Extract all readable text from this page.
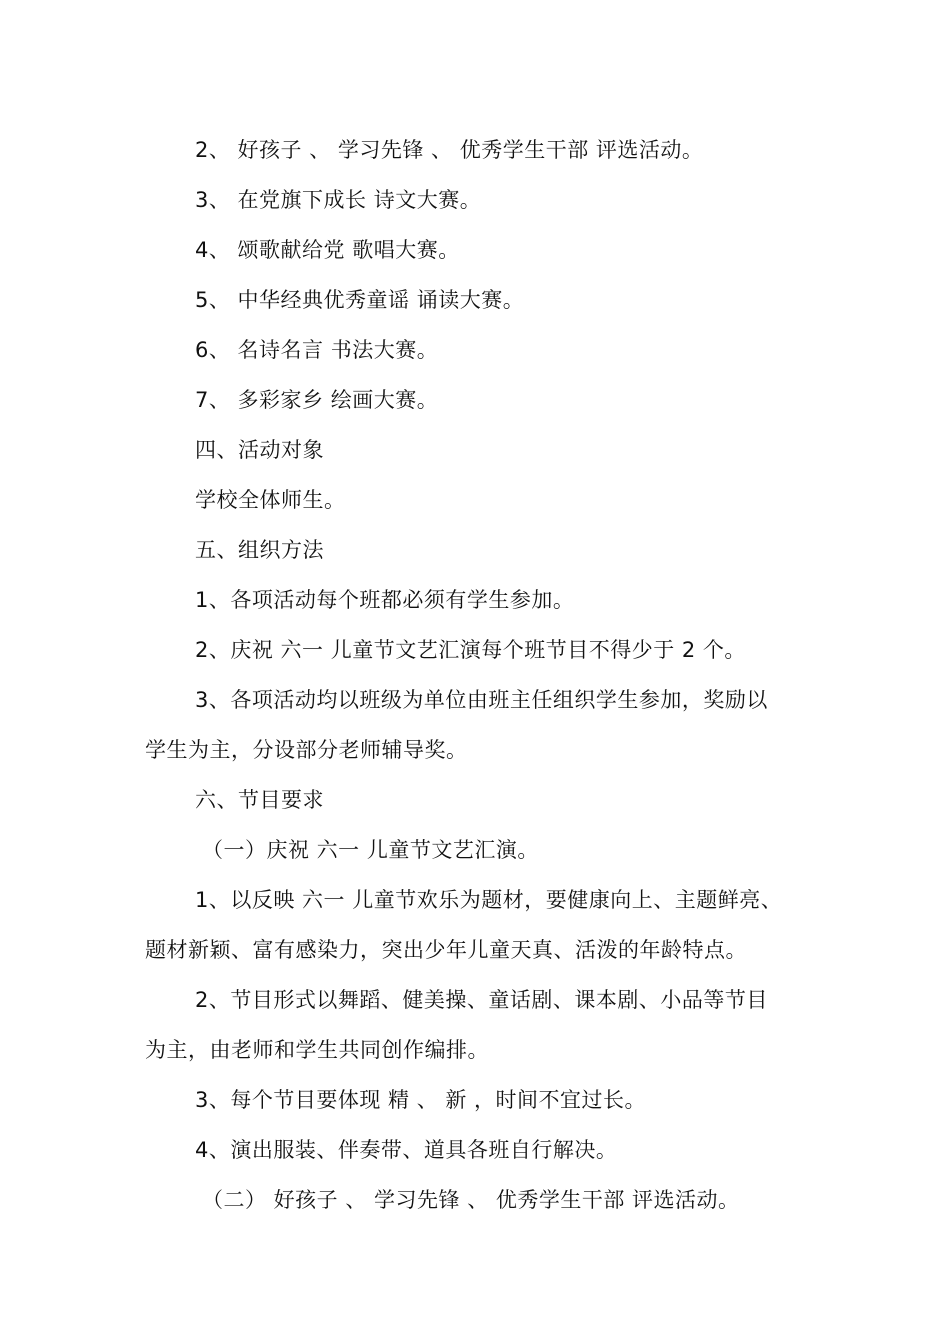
2、 好孩子 、 学习先锋 、 优秀学生干部 评选活动。
3、 在党旗下成长 诗文大赛。
4、 颂歌献给党 歌唱大赛。
5、 中华经典优秀童谣 诵读大赛。
6、 名诗名言 书法大赛。
7、 多彩家乡 绘画大赛。
四、活动对象
学校全体师生。
五、组织方法
1、各项活动每个班都必须有学生参加。
2、庆祝 六一 儿童节文艺汇演每个班节目不得少于 2 个。
3、各项活动均以班级为单位由班主任组织学生参加，奖励以
学生为主，分设部分老师辅导奖。
六、节目要求
（一）庆祝 六一 儿童节文艺汇演。
1、以反映 六一 儿童节欢乐为题材，要健康向上、主题鲜亮、
题材新颖、富有感染力，突出少年儿童天真、活泼的年龄特点。
2、节目形式以舞蹈、健美操、童话剧、课本剧、小品等节目
为主，由老师和学生共同创作编排。
3、每个节目要体现 精 、 新 ，时间不宜过长。
4、演出服装、伴奏带、道具各班自行解决。
（二） 好孩子 、 学习先锋 、 优秀学生干部 评选活动。
